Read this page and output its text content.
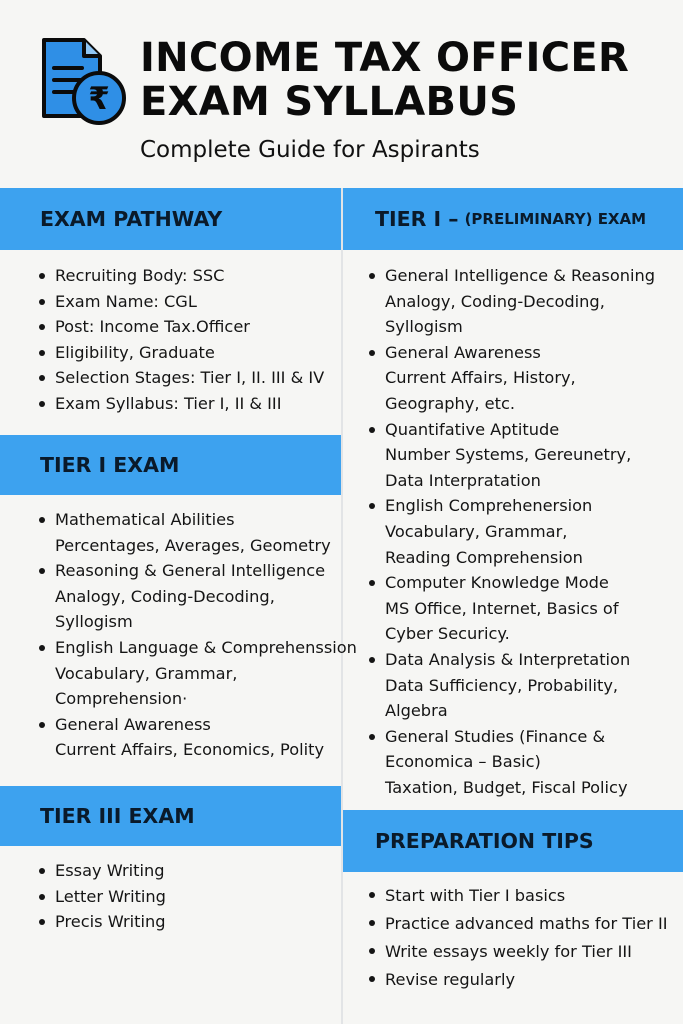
₹
INCOME TAX OFFICER
EXAM SYLLABUS
Complete Guide for Aspirants
EXAM PATHWAY
Recruiting Body: SSC
Exam Name: CGL
Post: Income Tax.Officer
Eligibility, Graduate
Selection Stages: Tier I, II. III & IV
Exam Syllabus: Tier I, II & III
TIER I EXAM
Mathematical Abilities
Percentages, Averages, Geometry
Reasoning & General Intelligence
Analogy, Coding-Decoding,
Syllogism
English Language & Comprehenssion
Vocabulary, Grammar,
Comprehension·
General Awareness
Current Affairs, Economics, Polity
TIER III EXAM
Essay Writing
Letter Writing
Precis Writing
TIER I – (PRELIMINARY) EXAM
General Intelligence & Reasoning
Analogy, Coding-Decoding,
Syllogism
General Awareness
Current Affairs, History,
Geography, etc.
Quantifative Aptitude
Number Systems, Gereunetry,
Data Interpratation
English Comprehenersion
Vocabulary, Grammar,
Reading Comprehension
Computer Knowledge Mode
MS Office, Internet, Basics of
Cyber Securicy.
Data Analysis & Interpretation
Data Sufficiency, Probability,
Algebra
General Studies (Finance &
Economica – Basic)
Taxation, Budget, Fiscal Policy
PREPARATION TIPS
Start with Tier I basics
Practice advanced maths for Tier II
Write essays weekly for Tier III
Revise regularly
